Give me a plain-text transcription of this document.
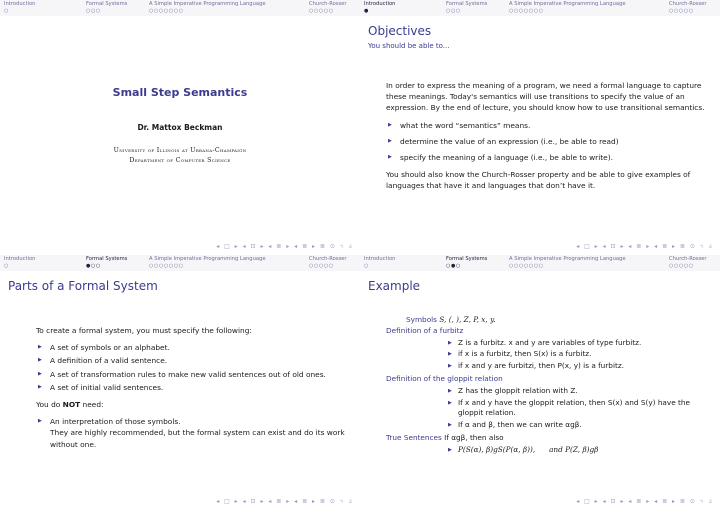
Introduction	Formal Systems	A Simple Imperative Programming Language	Church-Rosser
○	○○○	○○○○○○○	○○○○○
Small Step Semantics
Dr. Mattox Beckman
University of Illinois at Urbana-Champaign
Department of Computer Science
◂ □ ▸ ◂ ⊡ ▸ ◂ ≣ ▸ ◂ ≣ ▸ ≣ ⊙ ৭ ৫
Introduction	Formal Systems	A Simple Imperative Programming Language	Church-Rosser
●	○○○	○○○○○○○	○○○○○
Objectives
You should be able to...

In order to express the meaning of a program, we need a formal language to capture these meanings. Today's semantics will use transitions to specify the value of an expression. By the end of lecture, you should know how to use transitional semantics.

▶ what the word “semantics” means.
▶ determine the value of an expression (i.e., be able to read)
▶ specify the meaning of a language (i.e., be able to write).

You should also know the Church-Rosser property and be able to give examples of languages that have it and languages that don’t have it.

◂ □ ▸ ◂ ⊡ ▸ ◂ ≣ ▸ ◂ ≣ ▸ ≣ ⊙ ৭ ৫
Introduction	Formal Systems	A Simple Imperative Programming Language	Church-Rosser
○	●○○	○○○○○○○	○○○○○
Parts of a Formal System

To create a formal system, you must specify the following:

▶ A set of symbols or an alphabet.
▶ A definition of a valid sentence.
▶ A set of transformation rules to make new valid sentences out of old ones.
▶ A set of initial valid sentences.

You do NOT need:

▶ An interpretation of those symbols.
They are highly recommended, but the formal system can exist and do its work without one.
◂ □ ▸ ◂ ⊡ ▸ ◂ ≣ ▸ ◂ ≣ ▸ ≣ ⊙ ৭ ৫
Introduction	Formal Systems	A Simple Imperative Programming Language	Church-Rosser
○	○●○	○○○○○○○	○○○○○
Example
Symbols S, (, ), Z, P, x, y.
Definition of a furbitz
▶ Z is a furbitz. x and y are variables of type furbitz.
▶ if x is a furbitz, then S(x) is a furbitz.
▶ if x and y are furbitzi, then P(x, y) is a furbitz.
Definition of the gloppit relation
▶ Z has the gloppit relation with Z.
▶ If x and y have the gloppit relation, then S(x) and S(y) have the gloppit relation.
▶ If α and β, then we can write αgβ.
True Sentences If αgβ, then also
▶ P(S(α), β)gS(P(α, β)),      and P(Z, β)gβ
◂ □ ▸ ◂ ⊡ ▸ ◂ ≣ ▸ ◂ ≣ ▸ ≣ ⊙ ৭ ৫
